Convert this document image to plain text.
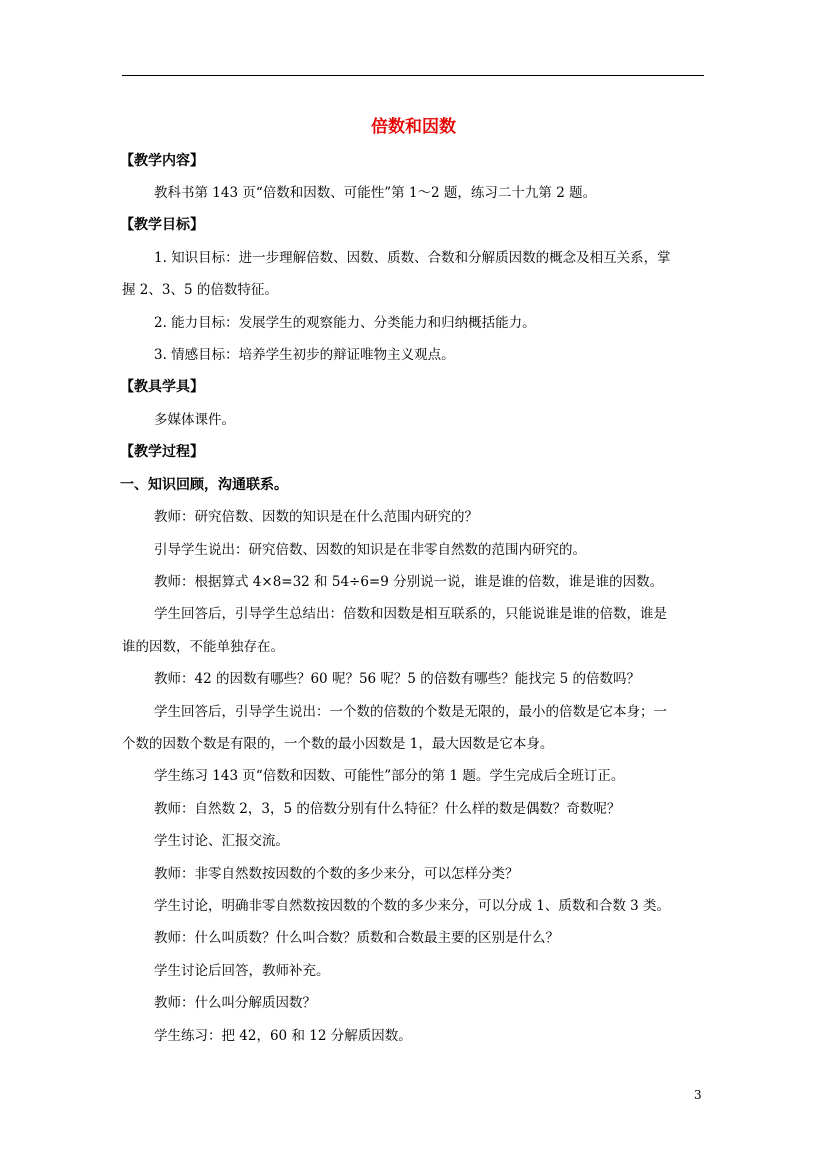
倍数和因数
【教学内容】
教科书第 143 页“倍数和因数、可能性”第 1～2 题，练习二十九第 2 题。
【教学目标】
1. 知识目标：进一步理解倍数、因数、质数、合数和分解质因数的概念及相互关系，掌
握 2、3、5 的倍数特征。
2. 能力目标：发展学生的观察能力、分类能力和归纳概括能力。
3. 情感目标：培养学生初步的辩证唯物主义观点。
【教具学具】
多媒体课件。
【教学过程】
一、知识回顾，沟通联系。
教师：研究倍数、因数的知识是在什么范围内研究的？
引导学生说出：研究倍数、因数的知识是在非零自然数的范围内研究的。
教师：根据算式 4×8=32 和 54÷6=9 分别说一说，谁是谁的倍数，谁是谁的因数。
学生回答后，引导学生总结出：倍数和因数是相互联系的，只能说谁是谁的倍数，谁是
谁的因数，不能单独存在。
教师：42 的因数有哪些？60 呢？56 呢？5 的倍数有哪些？能找完 5 的倍数吗？
学生回答后，引导学生说出：一个数的倍数的个数是无限的，最小的倍数是它本身；一
个数的因数个数是有限的，一个数的最小因数是 1，最大因数是它本身。
学生练习 143 页“倍数和因数、可能性”部分的第 1 题。学生完成后全班订正。
教师：自然数 2，3，5 的倍数分别有什么特征？什么样的数是偶数？奇数呢？
学生讨论、汇报交流。
教师：非零自然数按因数的个数的多少来分，可以怎样分类？
学生讨论，明确非零自然数按因数的个数的多少来分，可以分成 1、质数和合数 3 类。
教师：什么叫质数？什么叫合数？质数和合数最主要的区别是什么？
学生讨论后回答，教师补充。
教师：什么叫分解质因数？
学生练习：把 42，60 和 12 分解质因数。
3
